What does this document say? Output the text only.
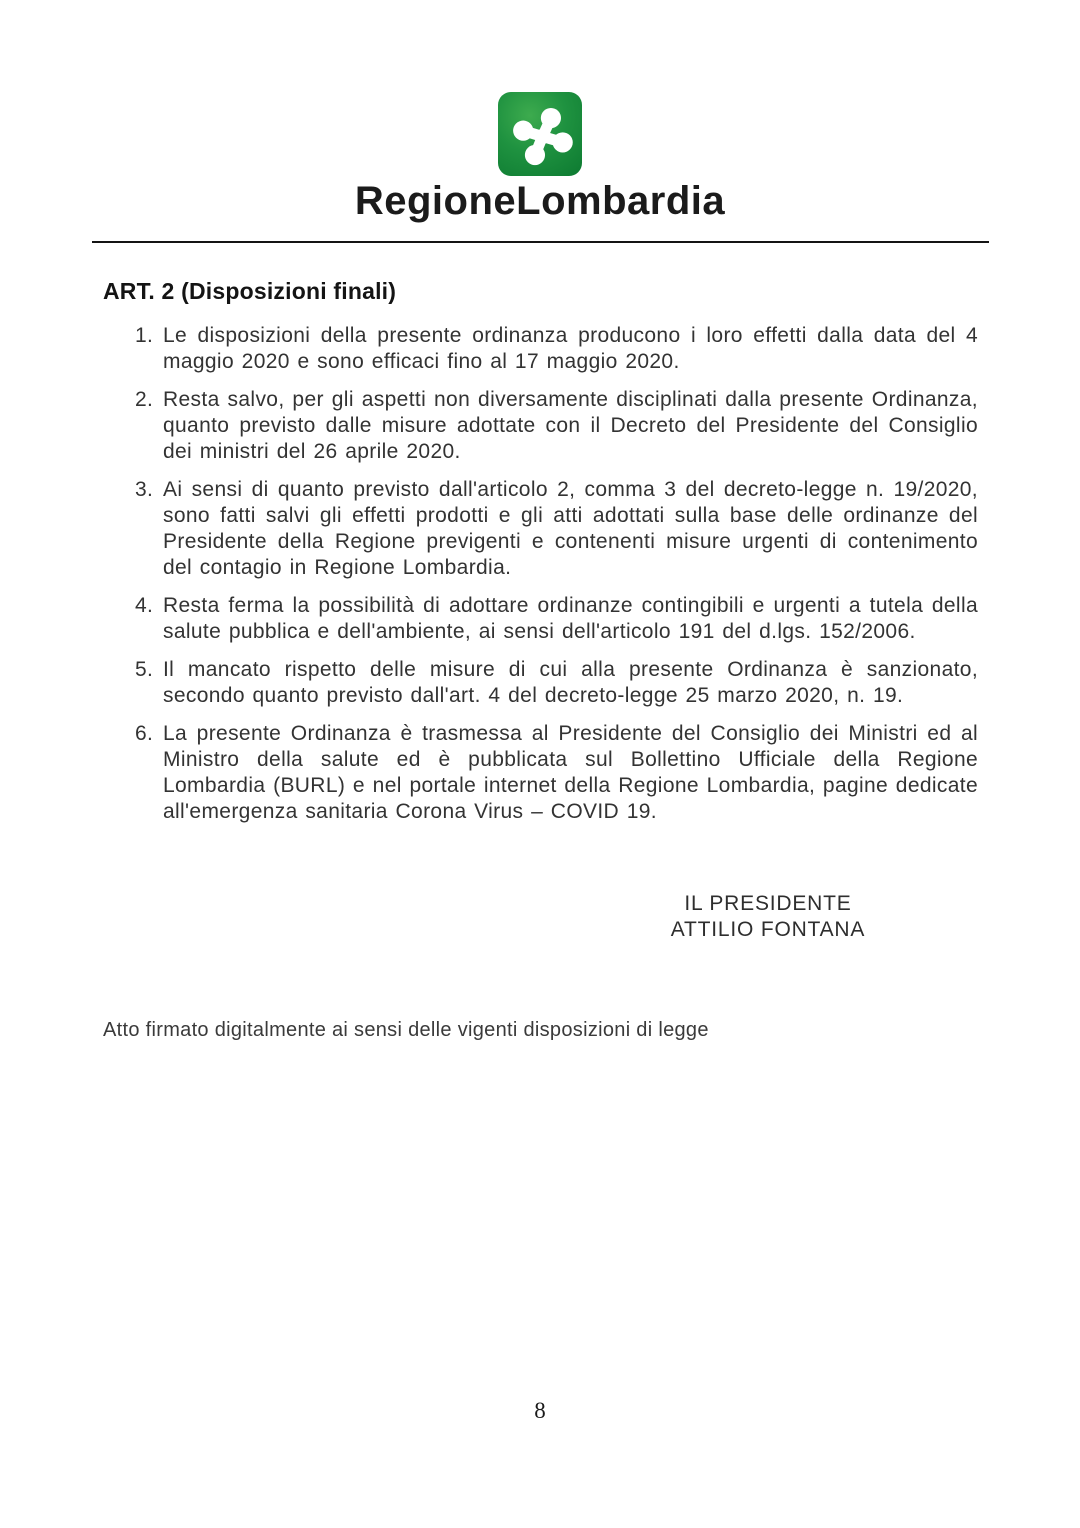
RegioneLombardia
ART. 2 (Disposizioni finali)
1. Le disposizioni della presente ordinanza producono i loro effetti dalla data del 4 maggio 2020 e sono efficaci fino al 17 maggio 2020.

2. Resta salvo, per gli aspetti non diversamente disciplinati dalla presente Ordinanza, quanto previsto dalle misure adottate con il Decreto del Presidente del Consiglio dei ministri del 26 aprile 2020.

3. Ai sensi di quanto previsto dall'articolo 2, comma 3 del decreto-legge n. 19/2020, sono fatti salvi gli effetti prodotti e gli atti adottati sulla base delle ordinanze del Presidente della Regione previgenti e contenenti misure urgenti di contenimento del contagio in Regione Lombardia.

4. Resta ferma la possibilità di adottare ordinanze contingibili e urgenti a tutela della salute pubblica e dell'ambiente, ai sensi dell'articolo 191 del d.lgs. 152/2006.

5. Il mancato rispetto delle misure di cui alla presente Ordinanza è sanzionato, secondo quanto previsto dall'art. 4 del decreto-legge 25 marzo 2020, n. 19.

6. La presente Ordinanza è trasmessa al Presidente del Consiglio dei Ministri ed al Ministro della salute ed è pubblicata sul Bollettino Ufficiale della Regione Lombardia (BURL) e nel portale internet della Regione Lombardia, pagine dedicate all'emergenza sanitaria Corona Virus – COVID 19.

IL PRESIDENTE
ATTILIO FONTANA

Atto firmato digitalmente ai sensi delle vigenti disposizioni di legge

8
